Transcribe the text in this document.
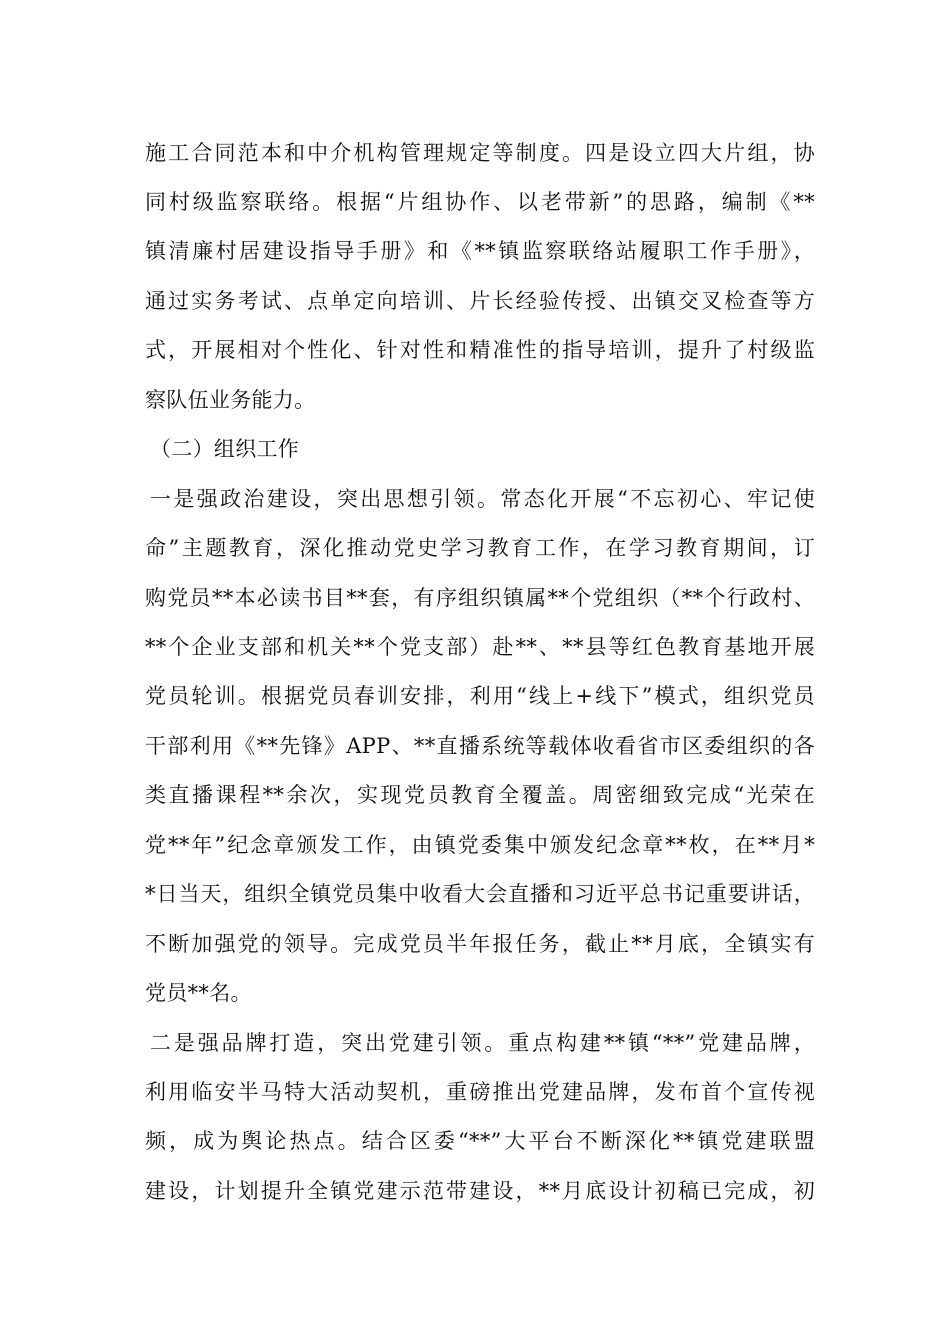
施工合同范本和中介机构管理规定等制度。四是设立四大片组，协
同村级监察联络。根据“片组协作、以老带新”的思路，编制《**
镇清廉村居建设指导手册》和《**镇监察联络站履职工作手册》，
通过实务考试、点单定向培训、片长经验传授、出镇交叉检查等方
式，开展相对个性化、针对性和精准性的指导培训，提升了村级监
察队伍业务能力。
（二）组织工作
一是强政治建设，突出思想引领。常态化开展“不忘初心、牢记使
命”主题教育，深化推动党史学习教育工作，在学习教育期间，订
购党员**本必读书目**套，有序组织镇属**个党组织（**个行政村、
**个企业支部和机关**个党支部）赴**、**县等红色教育基地开展
党员轮训。根据党员春训安排，利用“线上+线下”模式，组织党员
干部利用《**先锋》APP、**直播系统等载体收看省市区委组织的各
类直播课程**余次，实现党员教育全覆盖。周密细致完成“光荣在
党**年”纪念章颁发工作，由镇党委集中颁发纪念章**枚，在**月*
*日当天，组织全镇党员集中收看大会直播和习近平总书记重要讲话，
不断加强党的领导。完成党员半年报任务，截止**月底，全镇实有
党员**名。
二是强品牌打造，突出党建引领。重点构建**镇“**”党建品牌，
利用临安半马特大活动契机，重磅推出党建品牌，发布首个宣传视
频，成为舆论热点。结合区委“**”大平台不断深化**镇党建联盟
建设，计划提升全镇党建示范带建设，**月底设计初稿已完成，初
